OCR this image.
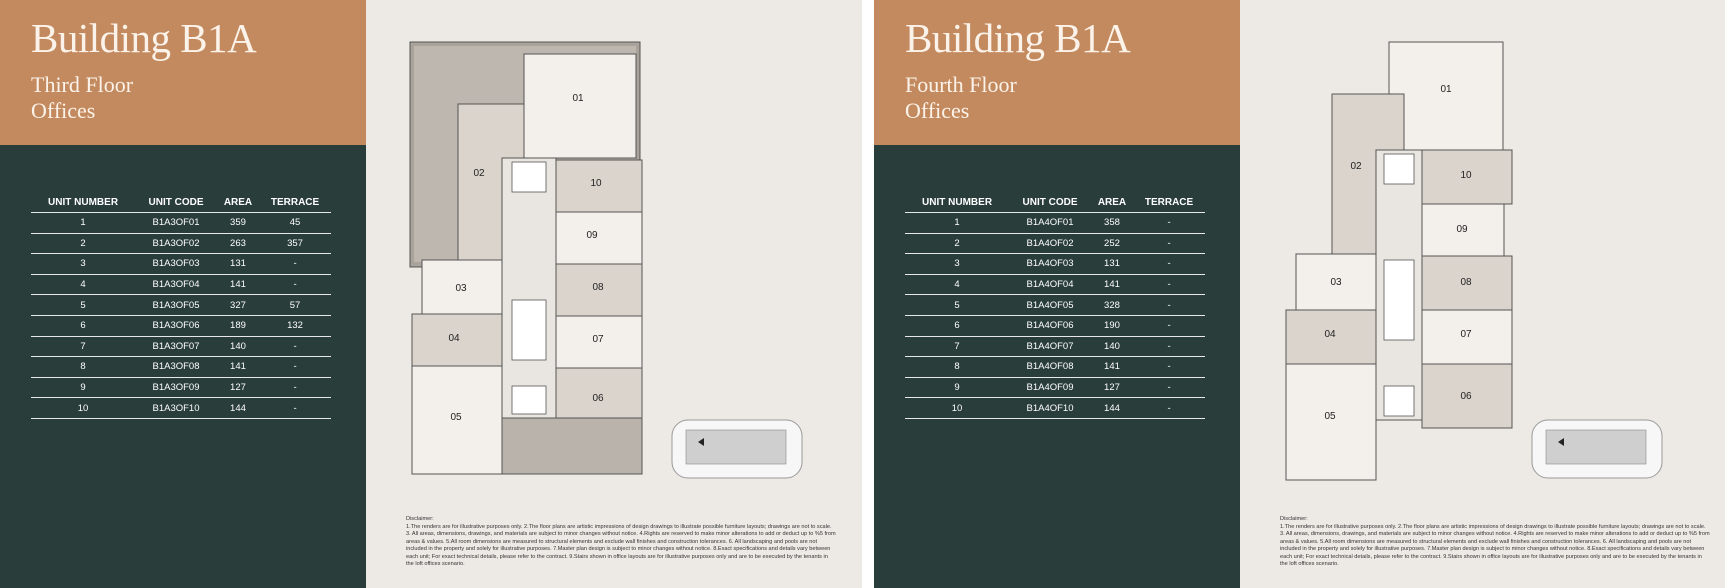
Building B1A
Third Floor
Offices
UNIT NUMBER	UNIT CODE	AREA	TERRACE
1	B1A3OF01	359	45
2	B1A3OF02	263	357
3	B1A3OF03	131	-
4	B1A3OF04	141	-
5	B1A3OF05	327	57
6	B1A3OF06	189	132
7	B1A3OF07	140	-
8	B1A3OF08	141	-
9	B1A3OF09	127	-
10	B1A3OF10	144	-
01
02
10
09
03	08
04	07
05
06
Disclaimer:
1.The renders are for illustrative purposes only. 2.The floor plans are artistic impressions of design drawings to illustrate possible furniture layouts; drawings are not to scale. 3. All areas, dimensions, drawings, and materials are subject to minor changes without notice. 4.Rights are reserved to make minor alterations to add or deduct up to %5 from areas & values. 5.All room dimensions are measured to structural elements and exclude wall finishes and construction tolerances. 6. All landscaping and pools are not included in the property and solely for illustrative purposes. 7.Master plan design is subject to minor changes without notice. 8.Exact specifications and details vary between each unit; For exact technical details, please refer to the contract. 9.Stairs shown in office layouts are for illustrative purposes only and are to be executed by the tenants in the loft offices scenario.
Building B1A
Fourth Floor
Offices
UNIT NUMBER	UNIT CODE	AREA	TERRACE
1	B1A4OF01	358	-
2	B1A4OF02	252	-
3	B1A4OF03	131	-
4	B1A4OF04	141	-
5	B1A4OF05	328	-
6	B1A4OF06	190	-
7	B1A4OF07	140	-
8	B1A4OF08	141	-
9	B1A4OF09	127	-
10	B1A4OF10	144	-
01
02
10
09
03	08
04	07
05
06
Disclaimer:
1.The renders are for illustrative purposes only. 2.The floor plans are artistic impressions of design drawings to illustrate possible furniture layouts; drawings are not to scale. 3. All areas, dimensions, drawings, and materials are subject to minor changes without notice. 4.Rights are reserved to make minor alterations to add or deduct up to %5 from areas & values. 5.All room dimensions are measured to structural elements and exclude wall finishes and construction tolerances. 6. All landscaping and pools are not included in the property and solely for illustrative purposes. 7.Master plan design is subject to minor changes without notice. 8.Exact specifications and details vary between each unit; For exact technical details, please refer to the contract. 9.Stairs shown in office layouts are for illustrative purposes only and are to be executed by the tenants in the loft offices scenario.
